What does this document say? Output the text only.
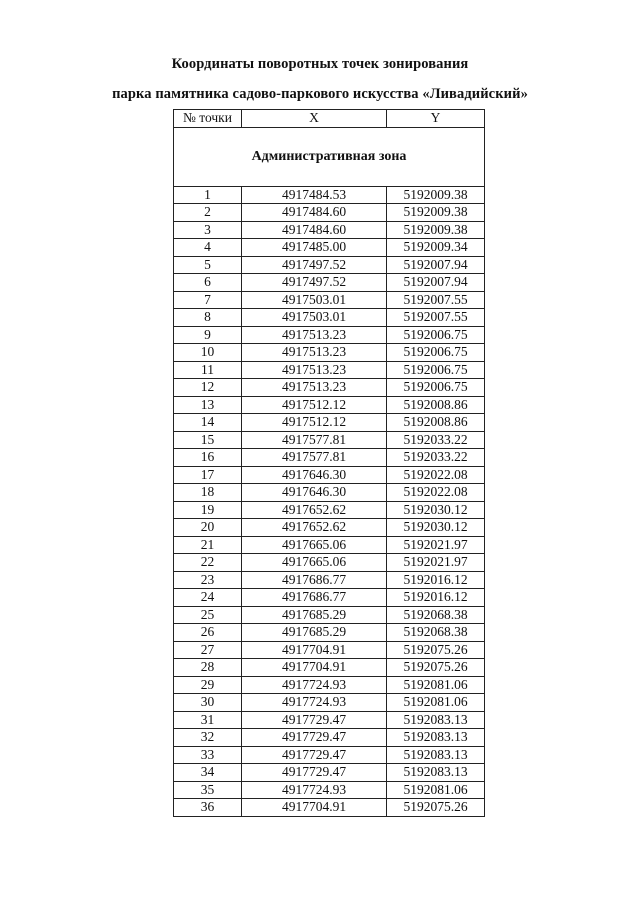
Координаты поворотных точек зонирования
парка памятника садово-паркового искусства «Ливадийский»
№ точки	X	Y
Административная зона		
1	4917484.53	5192009.38
2	4917484.60	5192009.38
3	4917484.60	5192009.38
4	4917485.00	5192009.34
5	4917497.52	5192007.94
6	4917497.52	5192007.94
7	4917503.01	5192007.55
8	4917503.01	5192007.55
9	4917513.23	5192006.75
10	4917513.23	5192006.75
11	4917513.23	5192006.75
12	4917513.23	5192006.75
13	4917512.12	5192008.86
14	4917512.12	5192008.86
15	4917577.81	5192033.22
16	4917577.81	5192033.22
17	4917646.30	5192022.08
18	4917646.30	5192022.08
19	4917652.62	5192030.12
20	4917652.62	5192030.12
21	4917665.06	5192021.97
22	4917665.06	5192021.97
23	4917686.77	5192016.12
24	4917686.77	5192016.12
25	4917685.29	5192068.38
26	4917685.29	5192068.38
27	4917704.91	5192075.26
28	4917704.91	5192075.26
29	4917724.93	5192081.06
30	4917724.93	5192081.06
31	4917729.47	5192083.13
32	4917729.47	5192083.13
33	4917729.47	5192083.13
34	4917729.47	5192083.13
35	4917724.93	5192081.06
36	4917704.91	5192075.26
